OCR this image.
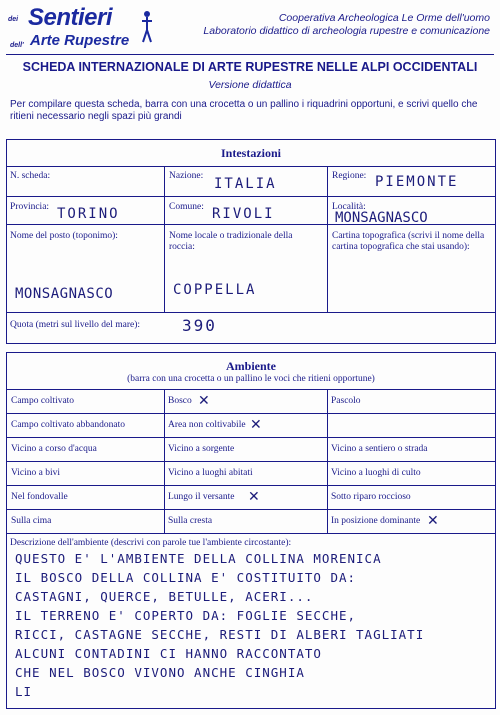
dei Sentieri
dell' Arte Rupestre
Cooperativa Archeologica Le Orme dell'uomo
Laboratorio didattico di archeologia rupestre e comunicazione
SCHEDA INTERNAZIONALE DI ARTE RUPESTRE NELLE ALPI OCCIDENTALI
Versione didattica
Per compilare questa scheda, barra con una crocetta o un pallino i riquadrini opportuni, e scrivi quello che ritieni necessario negli spazi più grandi
Intestazioni
N. scheda:	Nazione: ITALIA	Regione: PIEMONTE
Provincia: TORINO	Comune: RIVOLI	Località:
MONSAGNASCO
Nome del posto (toponimo):
MONSAGNASCO
Nome locale o tradizionale della roccia:
COPPELLA
Cartina topografica (scrivi il nome della cartina topografica che stai usando):
Quota (metri sul livello del mare):	390
Ambiente
(barra con una crocetta o un pallino le voci che ritieni opportune)
Campo coltivato	Bosco ✕	Pascolo
Campo coltivato abbandonato	Area non coltivabile ✕
Vicino a corso d'acqua	Vicino a sorgente	Vicino a sentiero o strada
Vicino a bivi	Vicino a luoghi abitati	Vicino a luoghi di culto
Nel fondovalle	Lungo il versante ✕	Sotto riparo roccioso
Sulla cima	Sulla cresta	In posizione dominante ✕
Descrizione dell'ambiente (descrivi con parole tue l'ambiente circostante):
QUESTO E' L'AMBIENTE DELLA COLLINA MORENICA
IL BOSCO DELLA COLLINA E' COSTITUITO DA:
CASTAGNI, QUERCE, BETULLE, ACERI...
IL TERRENO E' COPERTO DA: FOGLIE SECCHE,
RICCI, CASTAGNE SECCHE, RESTI DI ALBERI TAGLIATI
ALCUNI CONTADINI CI HANNO RACCONTATO
CHE NEL BOSCO VIVONO ANCHE CINGHIA
LI
